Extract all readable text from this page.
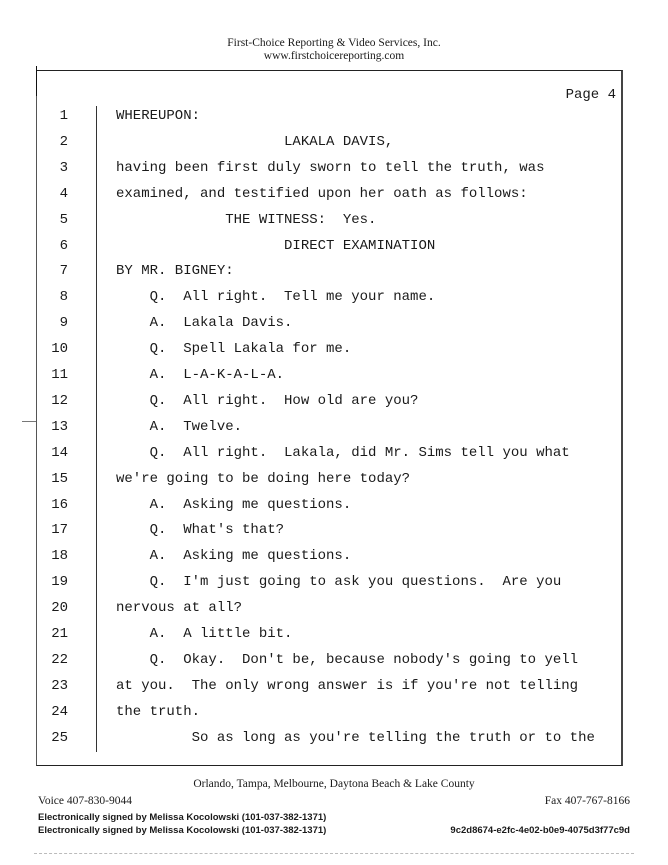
First-Choice Reporting & Video Services, Inc.
www.firstchoicereporting.com
Page 4
1	WHEREUPON:
2	LAKALA DAVIS,
3	having been first duly sworn to tell the truth, was
4	examined, and testified upon her oath as follows:
5	THE WITNESS:  Yes.
6	DIRECT EXAMINATION
7	BY MR. BIGNEY:
8	Q.  All right.  Tell me your name.
9	A.  Lakala Davis.
10	Q.  Spell Lakala for me.
11	A.  L-A-K-A-L-A.
12	Q.  All right.  How old are you?
13	A.  Twelve.
14	Q.  All right.  Lakala, did Mr. Sims tell you what
15	we're going to be doing here today?
16	A.  Asking me questions.
17	Q.  What's that?
18	A.  Asking me questions.
19	Q.  I'm just going to ask you questions.  Are you
20	nervous at all?
21	A.  A little bit.
22	Q.  Okay.  Don't be, because nobody's going to yell
23	at you.  The only wrong answer is if you're not telling
24	the truth.
25	So as long as you're telling the truth or to the
Orlando, Tampa, Melbourne, Daytona Beach & Lake County
Voice 407-830-9044	Fax 407-767-8166
Electronically signed by Melissa Kocolowski (101-037-382-1371)
Electronically signed by Melissa Kocolowski (101-037-382-1371)	9c2d8674-e2fc-4e02-b0e9-4075d3f77c9d
